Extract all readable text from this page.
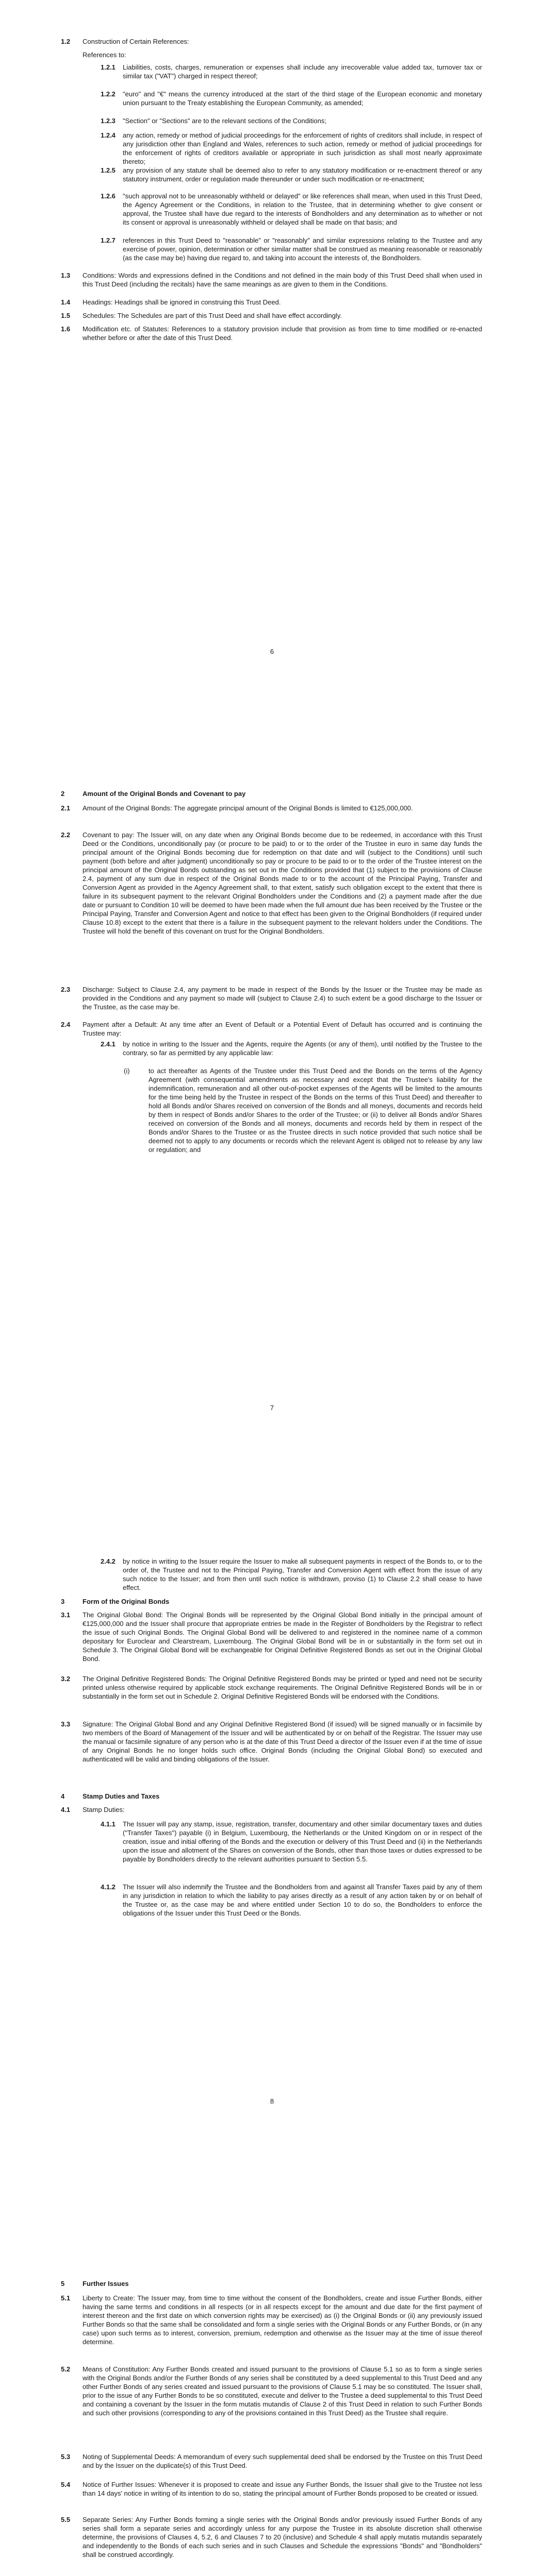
1.2 Construction of Certain References:
References to:
1.2.1 Liabilities, costs, charges, remuneration or expenses shall include any irrecoverable value added tax, turnover tax or similar tax ("VAT") charged in respect thereof;
1.2.2 "euro" and "€" means the currency introduced at the start of the third stage of the European economic and monetary union pursuant to the Treaty establishing the European Community, as amended;
1.2.3 "Section" or "Sections" are to the relevant sections of the Conditions;
1.2.4 any action, remedy or method of judicial proceedings for the enforcement of rights of creditors shall include, in respect of any jurisdiction other than England and Wales, references to such action, remedy or method of judicial proceedings for the enforcement of rights of creditors available or appropriate in such jurisdiction as shall most nearly approximate thereto;
1.2.5 any provision of any statute shall be deemed also to refer to any statutory modification or re-enactment thereof or any statutory instrument, order or regulation made thereunder or under such modification or re-enactment;
1.2.6 "such approval not to be unreasonably withheld or delayed" or like references shall mean, when used in this Trust Deed, the Agency Agreement or the Conditions, in relation to the Trustee, that in determining whether to give consent or approval, the Trustee shall have due regard to the interests of Bondholders and any determination as to whether or not its consent or approval is unreasonably withheld or delayed shall be made on that basis; and
1.2.7 references in this Trust Deed to "reasonable" or "reasonably" and similar expressions relating to the Trustee and any exercise of power, opinion, determination or other similar matter shall be construed as meaning reasonable or reasonably (as the case may be) having due regard to, and taking into account the interests of, the Bondholders.
1.3 Conditions: Words and expressions defined in the Conditions and not defined in the main body of this Trust Deed shall when used in this Trust Deed (including the recitals) have the same meanings as are given to them in the Conditions.
1.4 Headings: Headings shall be ignored in construing this Trust Deed.
1.5 Schedules: The Schedules are part of this Trust Deed and shall have effect accordingly.
1.6 Modification etc. of Statutes: References to a statutory provision include that provision as from time to time modified or re-enacted whether before or after the date of this Trust Deed.
6
2	Amount of the Original Bonds and Covenant to pay
2.1 Amount of the Original Bonds: The aggregate principal amount of the Original Bonds is limited to €125,000,000.
2.2 Covenant to pay: The Issuer will, on any date when any Original Bonds become due to be redeemed, in accordance with this Trust Deed or the Conditions, unconditionally pay (or procure to be paid) to or to the order of the Trustee in euro in same day funds the principal amount of the Original Bonds becoming due for redemption on that date and will (subject to the Conditions) until such payment (both before and after judgment) unconditionally so pay or procure to be paid to or to the order of the Trustee interest on the principal amount of the Original Bonds outstanding as set out in the Conditions provided that (1) subject to the provisions of Clause 2.4, payment of any sum due in respect of the Original Bonds made to or to the account of the Principal Paying, Transfer and Conversion Agent as provided in the Agency Agreement shall, to that extent, satisfy such obligation except to the extent that there is failure in its subsequent payment to the relevant Original Bondholders under the Conditions and (2) a payment made after the due date or pursuant to Condition 10 will be deemed to have been made when the full amount due has been received by the Trustee or the Principal Paying, Transfer and Conversion Agent and notice to that effect has been given to the Original Bondholders (if required under Clause 10.8) except to the extent that there is a failure in the subsequent payment to the relevant holders under the Conditions. The Trustee will hold the benefit of this covenant on trust for the Original Bondholders.
2.3 Discharge: Subject to Clause 2.4, any payment to be made in respect of the Bonds by the Issuer or the Trustee may be made as provided in the Conditions and any payment so made will (subject to Clause 2.4) to such extent be a good discharge to the Issuer or the Trustee, as the case may be.
2.4 Payment after a Default: At any time after an Event of Default or a Potential Event of Default has occurred and is continuing the Trustee may:
2.4.1 by notice in writing to the Issuer and the Agents, require the Agents (or any of them), until notified by the Trustee to the contrary, so far as permitted by any applicable law:
(i)	to act thereafter as Agents of the Trustee under this Trust Deed and the Bonds on the terms of the Agency Agreement (with consequential amendments as necessary and except that the Trustee's liability for the indemnification, remuneration and all other out-of-pocket expenses of the Agents will be limited to the amounts for the time being held by the Trustee in respect of the Bonds on the terms of this Trust Deed) and thereafter to hold all Bonds and/or Shares received on conversion of the Bonds and all moneys, documents and records held by them in respect of Bonds and/or Shares to the order of the Trustee; or (ii) to deliver all Bonds and/or Shares received on conversion of the Bonds and all moneys, documents and records held by them in respect of the Bonds and/or Shares to the Trustee or as the Trustee directs in such notice provided that such notice shall be deemed not to apply to any documents or records which the relevant Agent is obliged not to release by any law or regulation; and
7
2.4.2 by notice in writing to the Issuer require the Issuer to make all subsequent payments in respect of the Bonds to, or to the order of, the Trustee and not to the Principal Paying, Transfer and Conversion Agent with effect from the issue of any such notice to the Issuer; and from then until such notice is withdrawn, proviso (1) to Clause 2.2 shall cease to have effect.
3	Form of the Original Bonds
3.1 The Original Global Bond: The Original Bonds will be represented by the Original Global Bond initially in the principal amount of €125,000,000 and the Issuer shall procure that appropriate entries be made in the Register of Bondholders by the Registrar to reflect the issue of such Original Bonds. The Original Global Bond will be delivered to and registered in the nominee name of a common depositary for Euroclear and Clearstream, Luxembourg. The Original Global Bond will be in or substantially in the form set out in Schedule 3. The Original Global Bond will be exchangeable for Original Definitive Registered Bonds as set out in the Original Global Bond.
3.2 The Original Definitive Registered Bonds: The Original Definitive Registered Bonds may be printed or typed and need not be security printed unless otherwise required by applicable stock exchange requirements. The Original Definitive Registered Bonds will be in or substantially in the form set out in Schedule 2. Original Definitive Registered Bonds will be endorsed with the Conditions.
3.3 Signature: The Original Global Bond and any Original Definitive Registered Bond (if issued) will be signed manually or in facsimile by two members of the Board of Management of the Issuer and will be authenticated by or on behalf of the Registrar. The Issuer may use the manual or facsimile signature of any person who is at the date of this Trust Deed a director of the Issuer even if at the time of issue of any Original Bonds he no longer holds such office. Original Bonds (including the Original Global Bond) so executed and authenticated will be valid and binding obligations of the Issuer.
4	Stamp Duties and Taxes
4.1 Stamp Duties:
4.1.1 The Issuer will pay any stamp, issue, registration, transfer, documentary and other similar documentary taxes and duties ("Transfer Taxes") payable (i) in Belgium, Luxembourg, the Netherlands or the United Kingdom on or in respect of the creation, issue and initial offering of the Bonds and the execution or delivery of this Trust Deed and (ii) in the Netherlands upon the issue and allotment of the Shares on conversion of the Bonds, other than those taxes or duties expressed to be payable by Bondholders directly to the relevant authorities pursuant to Section 5.5.
4.1.2 The Issuer will also indemnify the Trustee and the Bondholders from and against all Transfer Taxes paid by any of them in any jurisdiction in relation to which the liability to pay arises directly as a result of any action taken by or on behalf of the Trustee or, as the case may be and where entitled under Section 10 to do so, the Bondholders to enforce the obligations of the Issuer under this Trust Deed or the Bonds.
8
5	Further Issues
5.1 Liberty to Create: The Issuer may, from time to time without the consent of the Bondholders, create and issue Further Bonds, either having the same terms and conditions in all respects (or in all respects except for the amount and due date for the first payment of interest thereon and the first date on which conversion rights may be exercised) as (i) the Original Bonds or (ii) any previously issued Further Bonds so that the same shall be consolidated and form a single series with the Original Bonds or any Further Bonds, or (in any case) upon such terms as to interest, conversion, premium, redemption and otherwise as the Issuer may at the time of issue thereof determine.
5.2 Means of Constitution: Any Further Bonds created and issued pursuant to the provisions of Clause 5.1 so as to form a single series with the Original Bonds and/or the Further Bonds of any series shall be constituted by a deed supplemental to this Trust Deed and any other Further Bonds of any series created and issued pursuant to the provisions of Clause 5.1 may be so constituted. The Issuer shall, prior to the issue of any Further Bonds to be so constituted, execute and deliver to the Trustee a deed supplemental to this Trust Deed and containing a covenant by the Issuer in the form mutatis mutandis of Clause 2 of this Trust Deed in relation to such Further Bonds and such other provisions (corresponding to any of the provisions contained in this Trust Deed) as the Trustee shall require.
5.3 Noting of Supplemental Deeds: A memorandum of every such supplemental deed shall be endorsed by the Trustee on this Trust Deed and by the Issuer on the duplicate(s) of this Trust Deed.
5.4 Notice of Further Issues: Whenever it is proposed to create and issue any Further Bonds, the Issuer shall give to the Trustee not less than 14 days' notice in writing of its intention to do so, stating the principal amount of Further Bonds proposed to be created or issued.
5.5 Separate Series: Any Further Bonds forming a single series with the Original Bonds and/or previously issued Further Bonds of any series shall form a separate series and accordingly unless for any purpose the Trustee in its absolute discretion shall otherwise determine, the provisions of Clauses 4, 5.2, 6 and Clauses 7 to 20 (inclusive) and Schedule 4 shall apply mutatis mutandis separately and independently to the Bonds of each such series and in such Clauses and Schedule the expressions "Bonds" and "Bondholders" shall be construed accordingly.
